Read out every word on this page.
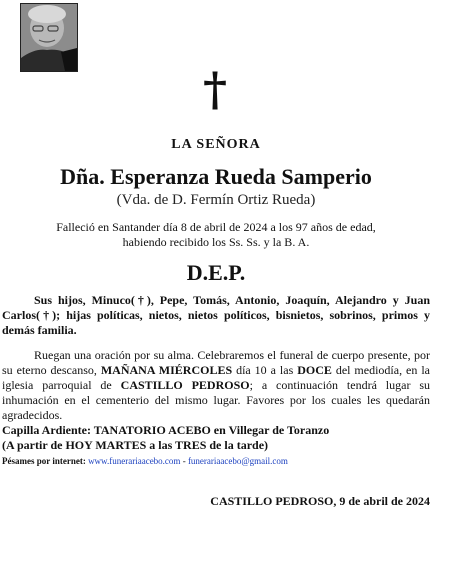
†
LA SEÑORA
Dña. Esperanza Rueda Samperio
(Vda. de D. Fermín Ortiz Rueda)
Falleció en Santander día 8 de abril de 2024 a los 97 años de edad,
habiendo recibido los Ss. Ss. y la B. A.
D.E.P.
Sus hijos, Minuco(†), Pepe, Tomás, Antonio, Joaquín, Alejandro y Juan Carlos(†); hijas políticas, nietos, nietos políticos, bisnietos, sobrinos, primos y demás familia.
Ruegan una oración por su alma. Celebraremos el funeral de cuerpo presente, por su eterno descanso, MAÑANA MIÉRCOLES día 10 a las DOCE del mediodía, en la iglesia parroquial de CASTILLO PEDROSO; a continuación tendrá lugar su inhumación en el cementerio del mismo lugar. Favores por los cuales les quedarán agradecidos.
Capilla Ardiente: TANATORIO ACEBO en Villegar de Toranzo
(A partir de HOY MARTES a las TRES de la tarde)
Pésames por internet: www.funerariaacebo.com - funerariaacebo@gmail.com
CASTILLO PEDROSO, 9 de abril de 2024
